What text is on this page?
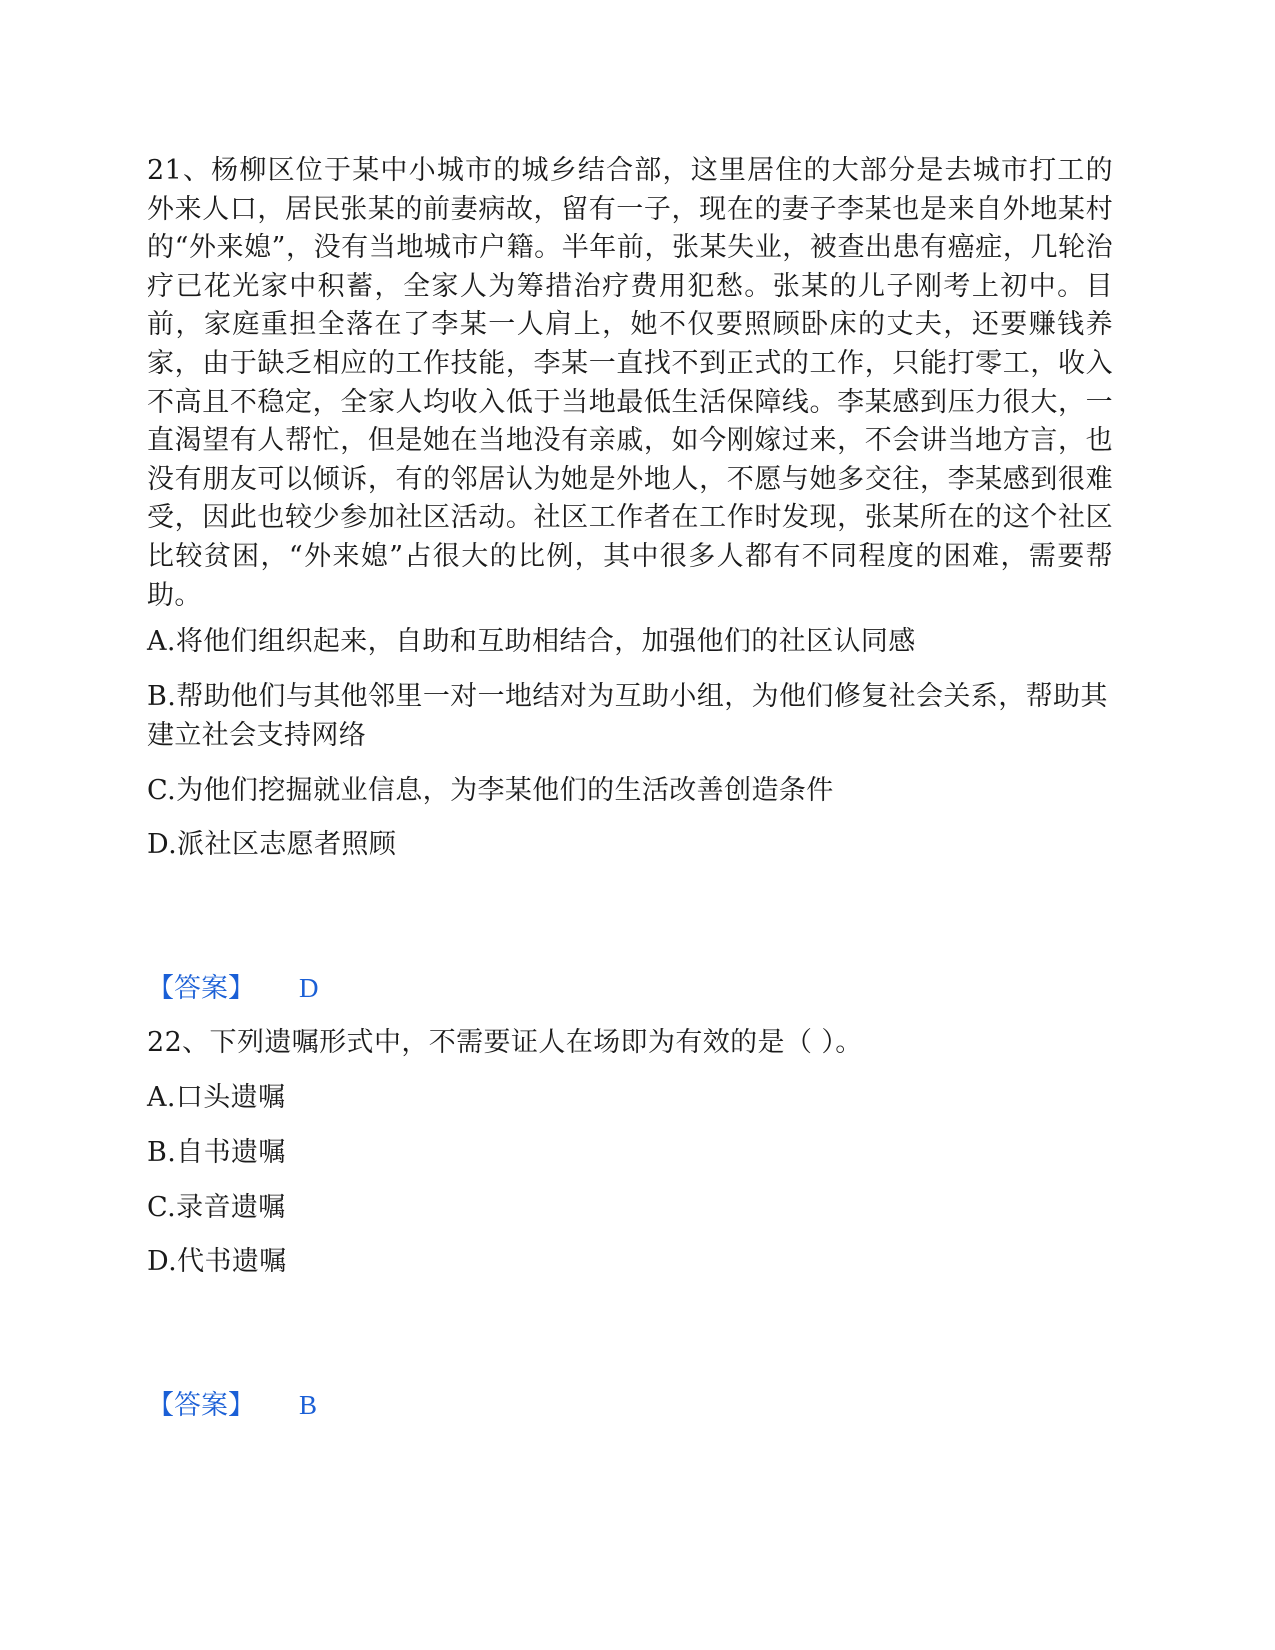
21、杨柳区位于某中小城市的城乡结合部，这里居住的大部分是去城市打工的外来人口，居民张某的前妻病故，留有一子，现在的妻子李某也是来自外地某村的“外来媳”，没有当地城市户籍。半年前，张某失业，被查出患有癌症，几轮治疗已花光家中积蓄，全家人为筹措治疗费用犯愁。张某的儿子刚考上初中。目前，家庭重担全落在了李某一人肩上，她不仅要照顾卧床的丈夫，还要赚钱养家，由于缺乏相应的工作技能，李某一直找不到正式的工作，只能打零工，收入不高且不稳定，全家人均收入低于当地最低生活保障线。李某感到压力很大，一直渴望有人帮忙，但是她在当地没有亲戚，如今刚嫁过来，不会讲当地方言，也没有朋友可以倾诉，有的邻居认为她是外地人，不愿与她多交往，李某感到很难受，因此也较少参加社区活动。社区工作者在工作时发现，张某所在的这个社区比较贫困，“外来媳”占很大的比例，其中很多人都有不同程度的困难，需要帮助。

A.将他们组织起来，自助和互助相结合，加强他们的社区认同感

B.帮助他们与其他邻里一对一地结对为互助小组，为他们修复社会关系，帮助其建立社会支持网络

C.为他们挖掘就业信息，为李某他们的生活改善创造条件

D.派社区志愿者照顾

【答案】 D

22、下列遗嘱形式中，不需要证人在场即为有效的是（ ）。

A.口头遗嘱

B.自书遗嘱

C.录音遗嘱

D.代书遗嘱

【答案】 B
